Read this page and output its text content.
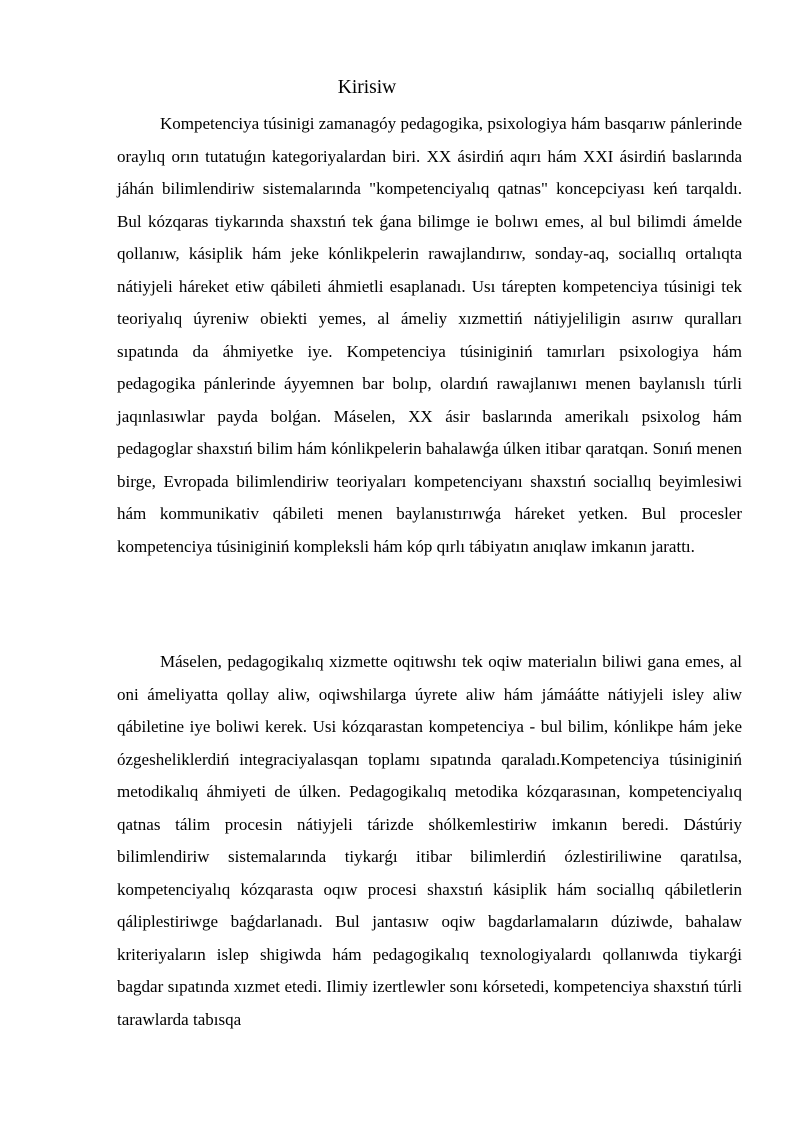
Kirisiw

Kompetenciya túsinigi zamanagóy pedagogika, psixologiya hám basqarıw pánlerinde oraylıq orın tutatuǵın kategoriyalardan biri. XX ásirdiń aqırı hám XXI ásirdiń baslarında jáhán bilimlendiriw sistemalarında "kompetenciyalıq qatnas" koncepciyası keń tarqaldı. Bul kózqaras tiykarında shaxstıń tek ǵana bilimge ie bolıwı emes, al bul bilimdi ámelde qollanıw, kásiplik hám jeke kónlikpelerin rawajlandırıw, sonday-aq, sociallıq ortalıqta nátiyjeli háreket etiw qábileti áhmietli esaplanadı. Usı tárepten kompetenciya túsinigi tek teoriyalıq úyreniw obiekti yemes, al ámeliy xızmettiń nátiyjeliligin asırıw quralları sıpatında da áhmiyetke iye. Kompetenciya túsiniginiń tamırları psixologiya hám pedagogika pánlerinde áyyemnen bar bolıp, olardıń rawajlanıwı menen baylanıslı túrli jaqınlasıwlar payda bolǵan. Máselen, XX ásir baslarında amerikalı psixolog hám pedagoglar shaxstıń bilim hám kónlikpelerin bahalawǵa úlken itibar qaratqan. Sonıń menen birge, Evropada bilimlendiriw teoriyaları kompetenciyanı shaxstıń sociallıq beyimlesiwi hám kommunikativ qábileti menen baylanıstırıwǵa háreket yetken. Bul procesler kompetenciya túsiniginiń kompleksli hám kóp qırlı tábiyatın anıqlaw imkanın jarattı.

Máselen, pedagogikalıq xizmette oqitıwshı tek oqiw materialın biliwi gana emes, al oni ámeliyatta qollay aliw, oqiwshilarga úyrete aliw hám jámáátte nátiyjeli isley aliw qábiletine iye boliwi kerek. Usi kózqarastan kompetenciya - bul bilim, kónlikpe hám jeke ózgesheliklerdiń integraciyalasqan toplamı sıpatında qaraladı.Kompetenciya túsiniginiń metodikalıq áhmiyeti de úlken. Pedagogikalıq metodika kózqarasınan, kompetenciyalıq qatnas tálim procesin nátiyjeli tárizde shólkemlestiriw imkanın beredi. Dástúriy bilimlendiriw sistemalarında tiykarǵı itibar bilimlerdiń ózlestiriliwine qaratılsa, kompetenciyalıq kózqarasta oqıw procesi shaxstıń kásiplik hám sociallıq qábiletlerin qáliplestiriwge baǵdarlanadı. Bul jantasıw oqiw bagdarlamaların dúziwde, bahalaw kriteriyaların islep shigiwda hám pedagogikalıq texnologiyalardı qollanıwda tiykarǵi bagdar sıpatında xızmet etedi. Ilimiy izertlewler sonı kórsetedi, kompetenciya shaxstıń túrli tarawlarda tabısqa
